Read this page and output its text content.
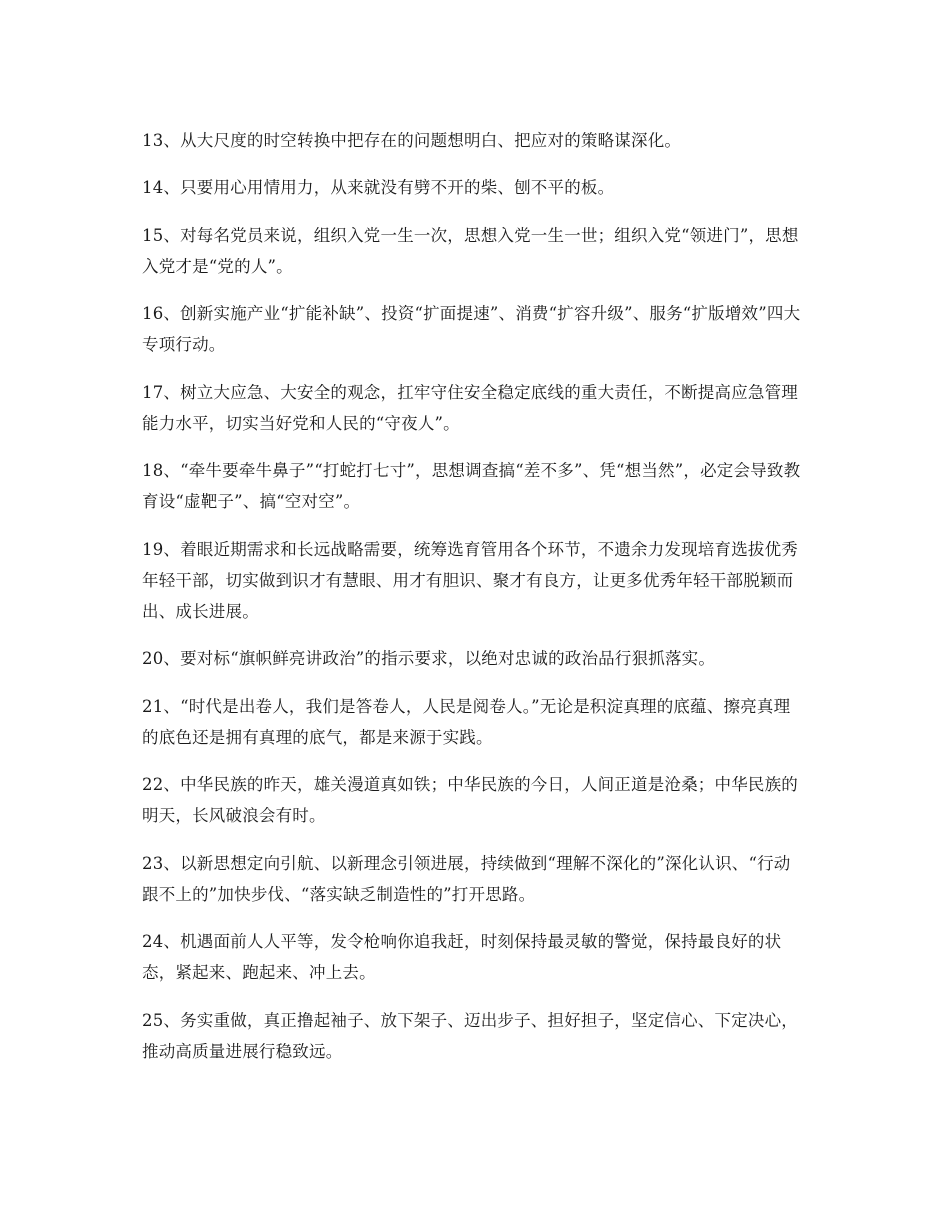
13、从大尺度的时空转换中把存在的问题想明白、把应对的策略谋深化。

14、只要用心用情用力，从来就没有劈不开的柴、刨不平的板。

15、对每名党员来说，组织入党一生一次，思想入党一生一世；组织入党“领进门”，思想入党才是“党的人”。

16、创新实施产业“扩能补缺”、投资“扩面提速”、消费“扩容升级”、服务“扩版增效”四大专项行动。

17、树立大应急、大安全的观念，扛牢守住安全稳定底线的重大责任，不断提高应急管理能力水平，切实当好党和人民的“守夜人”。

18、“牵牛要牵牛鼻子”“打蛇打七寸”，思想调查搞“差不多”、凭“想当然”，必定会导致教育设“虚靶子”、搞“空对空”。

19、着眼近期需求和长远战略需要，统筹选育管用各个环节，不遗余力发现培育选拔优秀年轻干部，切实做到识才有慧眼、用才有胆识、聚才有良方，让更多优秀年轻干部脱颖而出、成长进展。

20、要对标“旗帜鲜亮讲政治”的指示要求，以绝对忠诚的政治品行狠抓落实。

21、“时代是出卷人，我们是答卷人，人民是阅卷人。”无论是积淀真理的底蕴、擦亮真理的底色还是拥有真理的底气，都是来源于实践。

22、中华民族的昨天，雄关漫道真如铁；中华民族的今日，人间正道是沧桑；中华民族的明天，长风破浪会有时。

23、以新思想定向引航、以新理念引领进展，持续做到“理解不深化的”深化认识、“行动跟不上的”加快步伐、“落实缺乏制造性的”打开思路。

24、机遇面前人人平等，发令枪响你追我赶，时刻保持最灵敏的警觉，保持最良好的状态，紧起来、跑起来、冲上去。

25、务实重做，真正撸起袖子、放下架子、迈出步子、担好担子，坚定信心、下定决心，推动高质量进展行稳致远。
